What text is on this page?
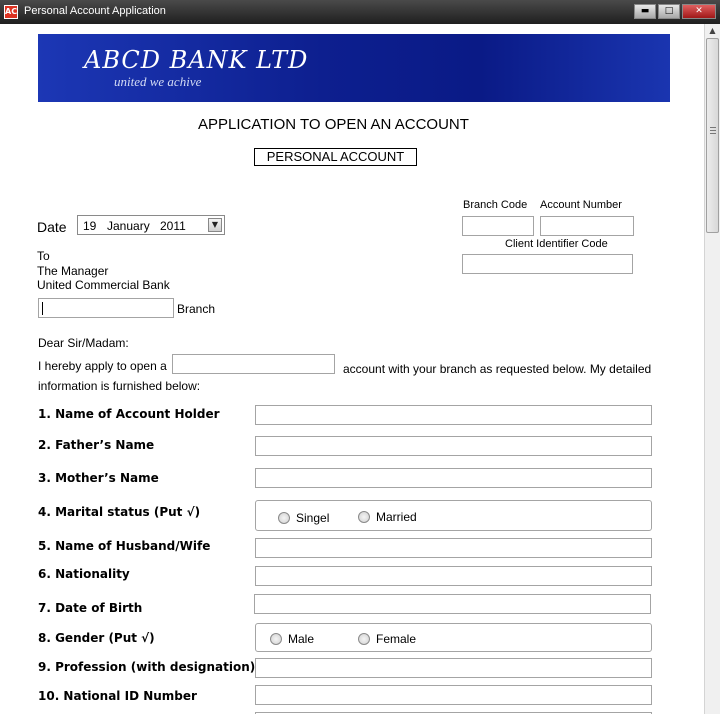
AC Personal Account Application	▬	□	✕
ABCD BANK LTD
united we achive
APPLICATION TO OPEN AN ACCOUNT
PERSONAL ACCOUNT
Branch Code Account Number
Client Identifier Code
Date 19 January 2011	▼
To
The Manager
United Commercial Bank
Branch
Dear Sir/Madam:
I hereby apply to open a	account with your branch as requested below. My detailed
information is furnished below:
1. Name of Account Holder
2. Father’s Name
3. Mother’s Name
4. Marital status (Put √)	Singel	Married
5. Name of Husband/Wife
6. Nationality
7. Date of Birth
8. Gender (Put √)	Male	Female
9. Profession (with designation)
10. National ID Number
▲
